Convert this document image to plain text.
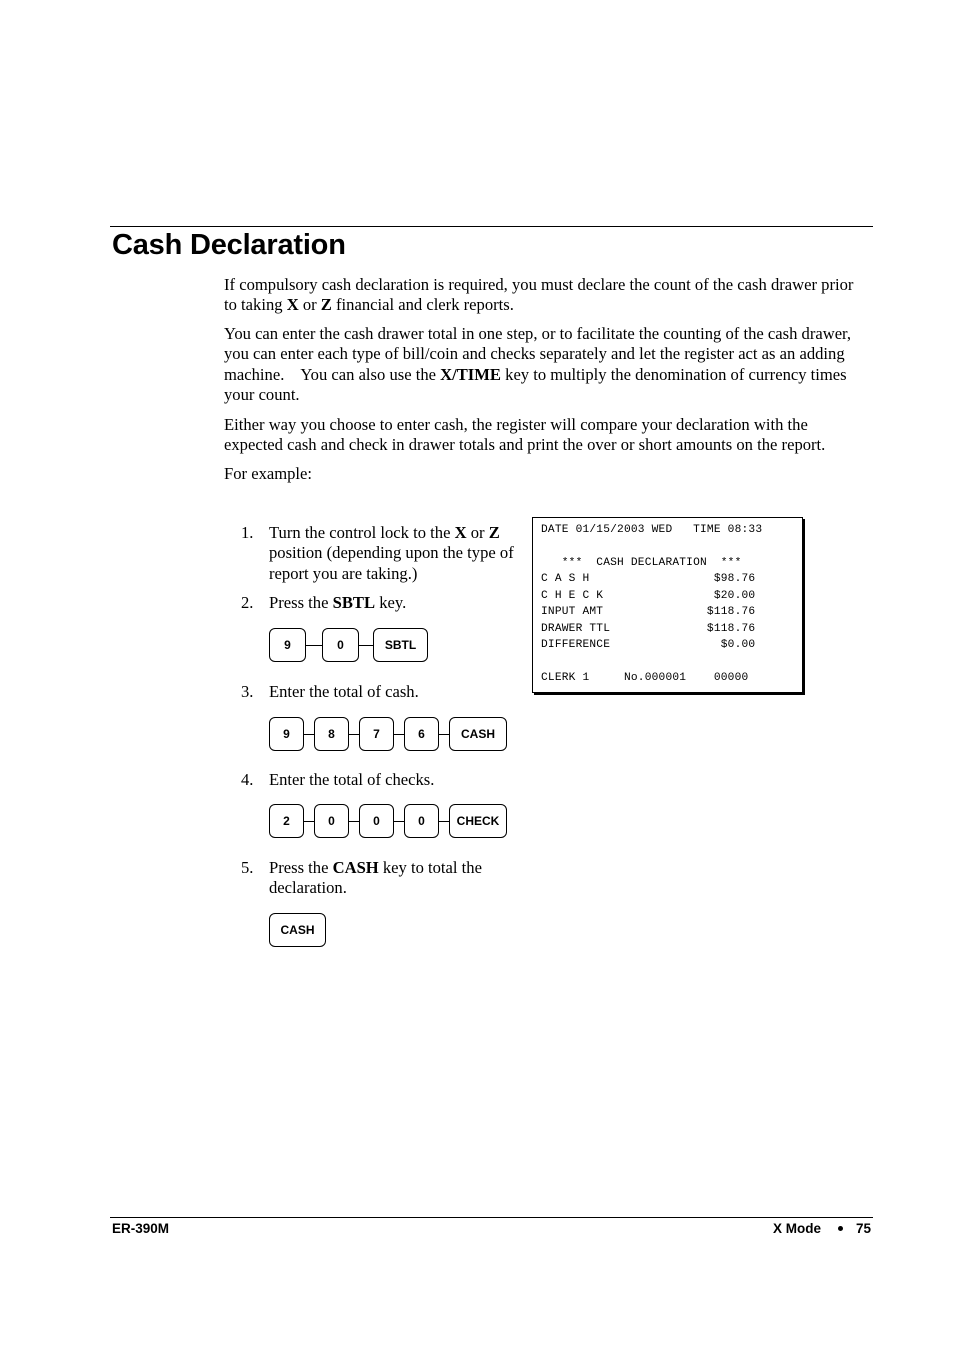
Cash Declaration

If compulsory cash declaration is required, you must declare the count of the cash drawer prior to taking X or Z financial and clerk reports.

You can enter the cash drawer total in one step, or to facilitate the counting of the cash drawer, you can enter each type of bill/coin and checks separately and let the register act as an adding machine.    You can also use the X/TIME key to multiply the denomination of currency times your count.

Either way you choose to enter cash, the register will compare your declaration with the expected cash and check in drawer totals and print the over or short amounts on the report.

For example:

1. Turn the control lock to the X or Z position (depending upon the type of report you are taking.)
2. Press the SBTL key.
9	0	SBTL
3. Enter the total of cash.
9	8	7	6	CASH
4. Enter the total of checks.
2	0	0	0	CHECK
5. Press the CASH key to total the declaration.
CASH
DATE 01/15/2003 WED   TIME 08:33
***  CASH DECLARATION  ***
C A S H                  $98.76
C H E C K                $20.00
INPUT AMT               $118.76
DRAWER TTL              $118.76
DIFFERENCE                $0.00
CLERK 1     No.000001    00000
ER-390M	X Mode	75
